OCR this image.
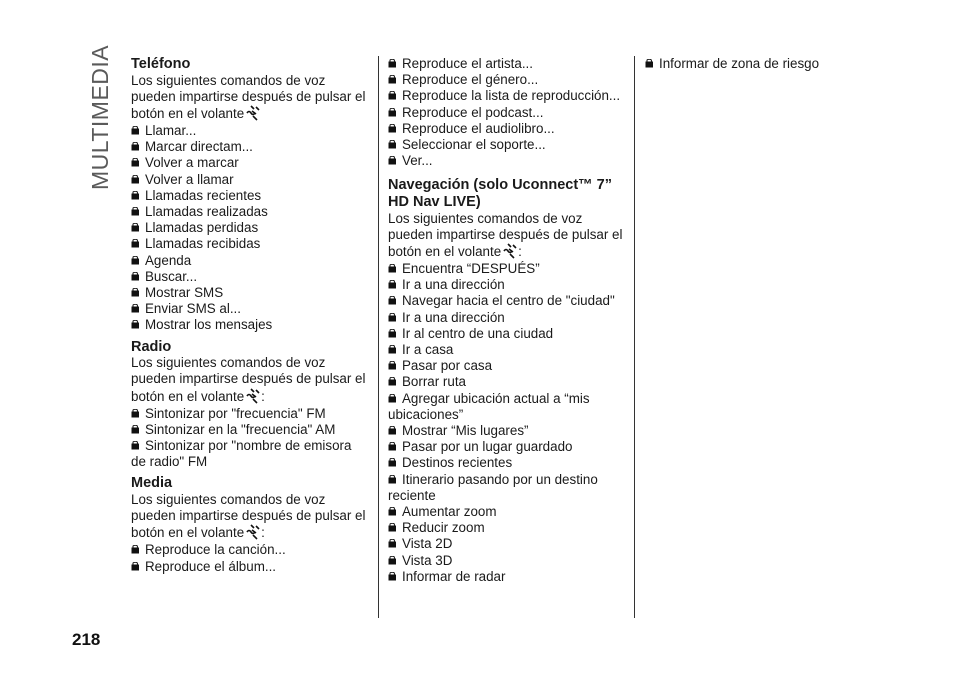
MULTIMEDIA Teléfono

Los siguientes comandos de voz pueden impartirse después de pulsar el botón en el volante

Llamar...
Marcar directam...
Volver a marcar
Volver a llamar
Llamadas recientes
Llamadas realizadas
Llamadas perdidas
Llamadas recibidas
Agenda
Buscar...
Mostrar SMS
Enviar SMS al...
Mostrar los mensajes
Radio

Los siguientes comandos de voz pueden impartirse después de pulsar el botón en el volante :

Sintonizar por "frecuencia" FM
Sintonizar en la "frecuencia" AM
Sintonizar por "nombre de emisora de radio" FM
Media

Los siguientes comandos de voz pueden impartirse después de pulsar el botón en el volante :

Reproduce la canción...
Reproduce el álbum...
Reproduce el artista...
Reproduce el género...
Reproduce la lista de reproducción...
Reproduce el podcast...
Reproduce el audiolibro...
Seleccionar el soporte...
Ver...
Navegación (solo Uconnect™ 7”
HD Nav LIVE)

Los siguientes comandos de voz pueden impartirse después de pulsar el botón en el volante :

Encuentra “DESPUÉS”
Ir a una dirección
Navegar hacia el centro de "ciudad"
Ir a una dirección
Ir al centro de una ciudad
Ir a casa
Pasar por casa
Borrar ruta
Agregar ubicación actual a “mis ubicaciones”
Mostrar “Mis lugares”
Pasar por un lugar guardado
Destinos recientes
Itinerario pasando por un destino reciente
Aumentar zoom
Reducir zoom
Vista 2D
Vista 3D
Informar de radar
Informar de zona de riesgo
218
